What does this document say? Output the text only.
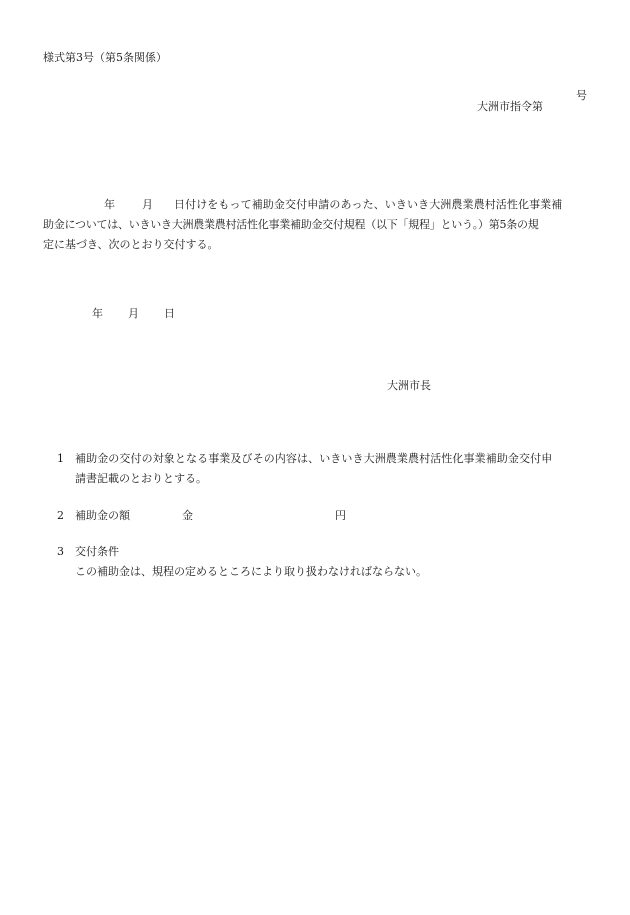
様式第3号（第5条関係）

大洲市指令第

号
年 月 日付けをもって補助金交付申請のあった、いきいき大洲農業農村活性化事業補
助金については、いきいき大洲農業農村活性化事業補助金交付規程（以下「規程」という。）第5条の規
定に基づき、次のとおり交付する。
年 月 日
大洲市長
1 補助金の交付の対象となる事業及びその内容は、いきいき大洲農業農村活性化事業補助金交付申
請書記載のとおりとする。
2 補助金の額	金	円
3 交付条件
この補助金は、規程の定めるところにより取り扱わなければならない。
